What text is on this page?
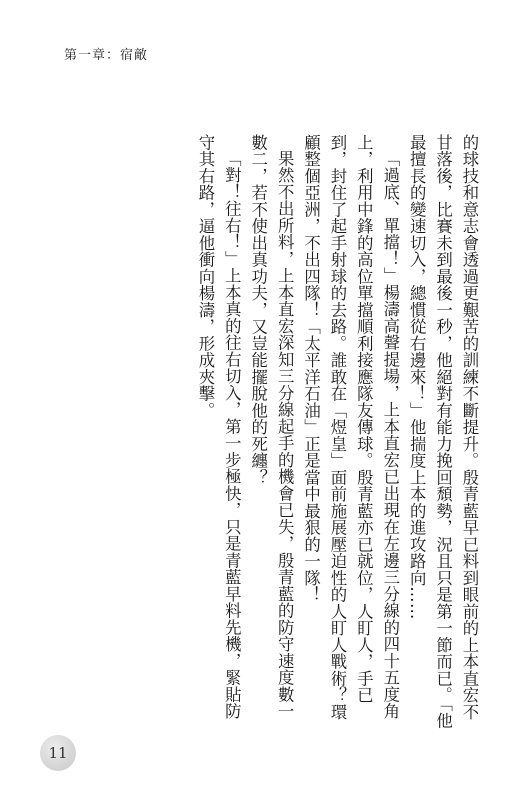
第一章：宿敵

的球技和意志會透過更艱苦的訓練不斷提升。殷青藍早已料到眼前的上本直宏不甘落後，比賽未到最後一秒，他絕對有能力挽回頹勢，況且只是第一節而已。「他最擅長的變速切入，總慣從右邊來！」他揣度上本的進攻路向……

「過底、單擋！」楊濤高聲提場，上本直宏已出現在左邊三分線的四十五度角上，利用中鋒的高位單擋順利接應隊友傳球。殷青藍亦已就位，人盯人，手已到，封住了起手射球的去路。誰敢在「煜皇」面前施展壓迫性的人盯人戰術？環顧整個亞洲，不出四隊！「太平洋石油」正是當中最狠的一隊！

果然不出所料，上本直宏深知三分線起手的機會已失，殷青藍的防守速度數一數二，若不使出真功夫，又豈能擺脫他的死纏？

「對！往右！」上本真的往右切入，第一步極快，只是青藍早料先機，緊貼防守其右路，逼他衝向楊濤，形成夾擊。

11
